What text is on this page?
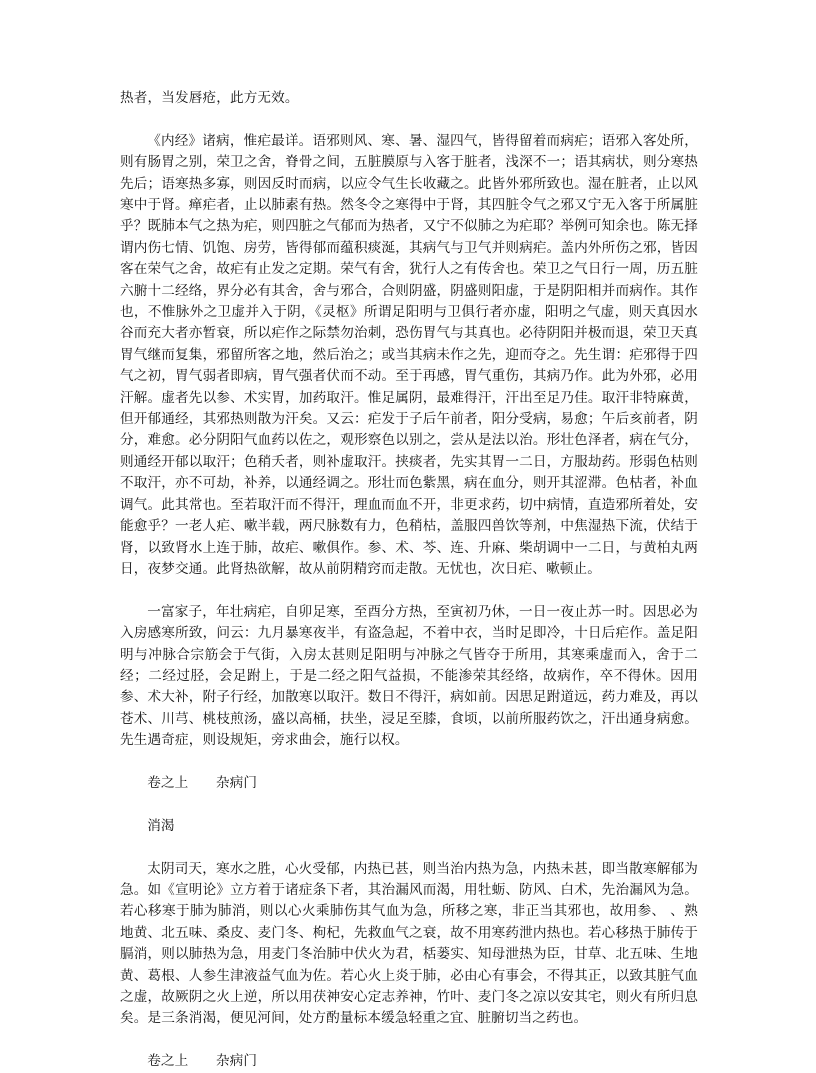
热者，当发唇疮，此方无效。

《内经》诸病，惟疟最详。语邪则风、寒、暑、湿四气，皆得留着而病疟；语邪入客处所，则有肠胃之别，荣卫之舍，脊骨之间，五脏膜原与入客于脏者，浅深不一；语其病状，则分寒热先后；语寒热多寡，则因反时而病，以应令气生长收藏之。此皆外邪所致也。湿在脏者，止以风寒中于肾。瘅疟者，止以肺素有热。然冬令之寒得中于肾，其四脏令气之邪又宁无入客于所属脏乎？既肺本气之热为疟，则四脏之气郁而为热者，又宁不似肺之为疟耶？举例可知余也。陈无择谓内伤七情、饥饱、房劳，皆得郁而蕴积痰涎，其病气与卫气并则病疟。盖内外所伤之邪，皆因客在荣气之舍，故疟有止发之定期。荣气有舍，犹行人之有传舍也。荣卫之气日行一周，历五脏六腑十二经络，界分必有其舍，舍与邪合，合则阴盛，阴盛则阳虚，于是阴阳相并而病作。其作也，不惟脉外之卫虚并入于阴，《灵枢》所谓足阳明与卫俱行者亦虚，阳明之气虚，则天真因水谷而充大者亦暂衰，所以疟作之际禁勿治刺，恐伤胃气与其真也。必待阴阳并极而退，荣卫天真胃气继而复集，邪留所客之地，然后治之；或当其病未作之先，迎而夺之。先生谓：疟邪得于四气之初，胃气弱者即病，胃气强者伏而不动。至于再感，胃气重伤，其病乃作。此为外邪，必用汗解。虚者先以参、术实胃，加药取汗。惟足属阴，最难得汗，汗出至足乃佳。取汗非特麻黄，但开郁通经，其邪热则散为汗矣。又云：疟发于子后午前者，阳分受病，易愈；午后亥前者，阴分，难愈。必分阴阳气血药以佐之，观形察色以别之，尝从是法以治。形壮色泽者，病在气分，则通经开郁以取汗；色稍夭者，则补虚取汗。挟痰者，先实其胃一二日，方服劫药。形弱色枯则不取汗，亦不可劫，补养，以通经调之。形壮而色紫黑，病在血分，则开其涩滞。色枯者，补血调气。此其常也。至若取汗而不得汗，理血而血不开，非更求药，切中病情，直造邪所着处，安能愈乎？一老人疟、嗽半载，两尺脉数有力，色稍枯，盖服四兽饮等剂，中焦湿热下流，伏结于肾，以致肾水上连于肺，故疟、嗽俱作。参、术、芩、连、升麻、柴胡调中一二日，与黄柏丸两日，夜梦交通。此肾热欲解，故从前阴精窍而走散。无忧也，次日疟、嗽顿止。

一富家子，年壮病疟，自卯足寒，至酉分方热，至寅初乃休，一日一夜止苏一时。因思必为入房感寒所致，问云：九月暴寒夜半，有盗急起，不着中衣，当时足即冷，十日后疟作。盖足阳明与冲脉合宗筋会于气街，入房太甚则足阳明与冲脉之气皆夺于所用，其寒乘虚而入，舍于二经；二经过胫，会足跗上，于是二经之阳气益损，不能渗荣其经络，故病作，卒不得休。因用参、术大补，附子行经，加散寒以取汗。数日不得汗，病如前。因思足跗道远，药力难及，再以苍术、川芎、桃枝煎汤，盛以高桶，扶坐，浸足至膝，食顷，以前所服药饮之，汗出通身病愈。先生遇奇症，则设规矩，旁求曲会，施行以权。

卷之上　　杂病门

消渴

太阴司天，寒水之胜，心火受郁，内热已甚，则当治内热为急，内热未甚，即当散寒解郁为急。如《宣明论》立方着于诸症条下者，其治漏风而渴，用牡蛎、防风、白术，先治漏风为急。若心移寒于肺为肺消，则以心火乘肺伤其气血为急，所移之寒，非正当其邪也，故用参、 、熟地黄、北五味、桑皮、麦门冬、枸杞，先救血气之衰，故不用寒药泄内热也。若心移热于肺传于膈消，则以肺热为急，用麦门冬治肺中伏火为君，栝蒌实、知母泄热为臣，甘草、北五味、生地黄、葛根、人参生津液益气血为佐。若心火上炎于肺，必由心有事会，不得其正，以致其脏气血之虚，故厥阴之火上逆，所以用茯神安心定志养神，竹叶、麦门冬之凉以安其宅，则火有所归息矣。是三条消渴，便见河间，处方酌量标本缓急轻重之宜、脏腑切当之药也。

卷之上　　杂病门
